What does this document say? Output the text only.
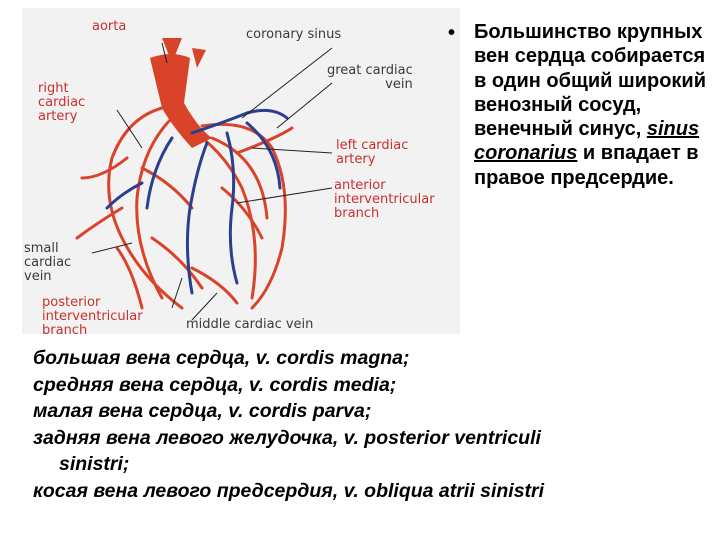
aorta
coronary sinus
great cardiac
vein
right
cardiac
artery
left cardiac
artery
anterior
interventricular
branch
small
cardiac
vein
posterior
interventricular
branch	middle cardiac vein
• Большинство крупных вен сердца собирается в один общий широкий венозный сосуд, венечный синус, sinus coronarius и впадает в правое предсердие.
большая вена сердца, v. cordis magna;
средняя вена сердца, v. cordis media;
малая вена сердца, v. cordis parva;
задняя вена левого желудочка, v. posterior ventriculi
sinistri;
косая вена левого предсердия, v. obliqua atrii sinistri
